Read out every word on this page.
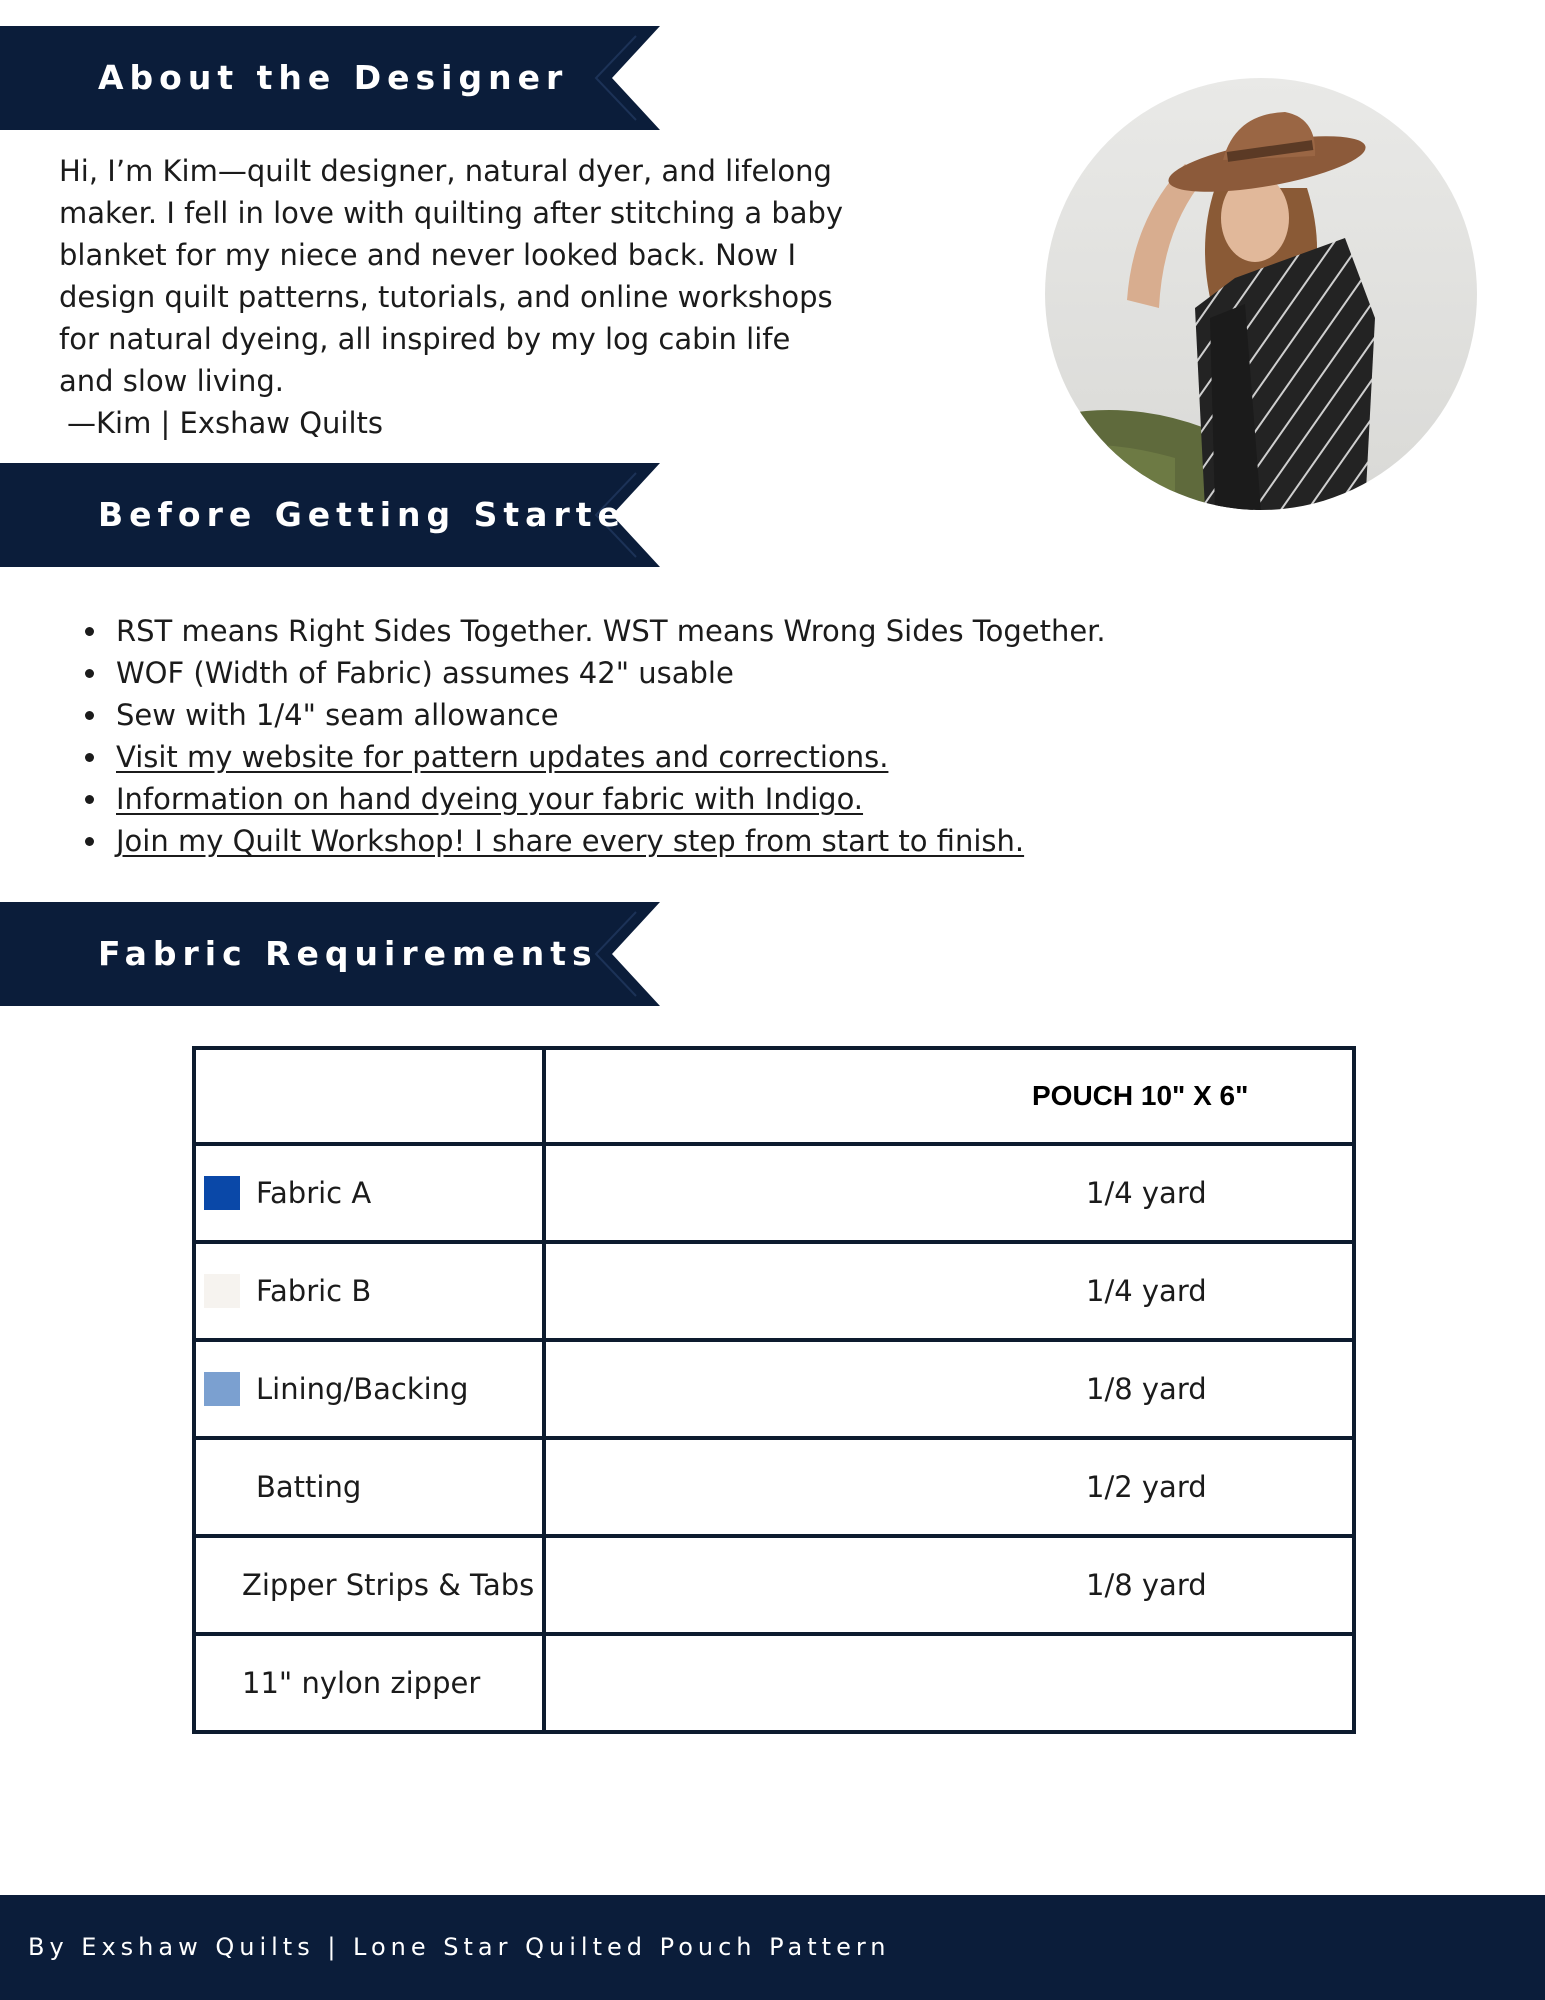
About the Designer

Hi, I’m Kim—quilt designer, natural dyer, and lifelong maker. I fell in love with quilting after stitching a baby blanket for my niece and never looked back. Now I design quilt patterns, tutorials, and online workshops for natural dyeing, all inspired by my log cabin life and slow living.

—Kim | Exshaw Quilts

Before Getting Started
• RST means Right Sides Together. WST means Wrong Sides Together.
• WOF (Width of Fabric) assumes 42" usable
• Sew with 1/4" seam allowance
• Visit my website for pattern updates and corrections.
• Information on hand dyeing your fabric with Indigo.
• Join my Quilt Workshop! I share every step from start to finish.
Fabric Requirements
	POUCH 10" X 6"

Fabric A	1/4 yard

Fabric B	1/4 yard

Lining/Backing	1/8 yard

Batting	1/2 yard

Zipper Strips & Tabs	1/8 yard

11" nylon zipper	

By Exshaw Quilts | Lone Star Quilted Pouch Pattern
